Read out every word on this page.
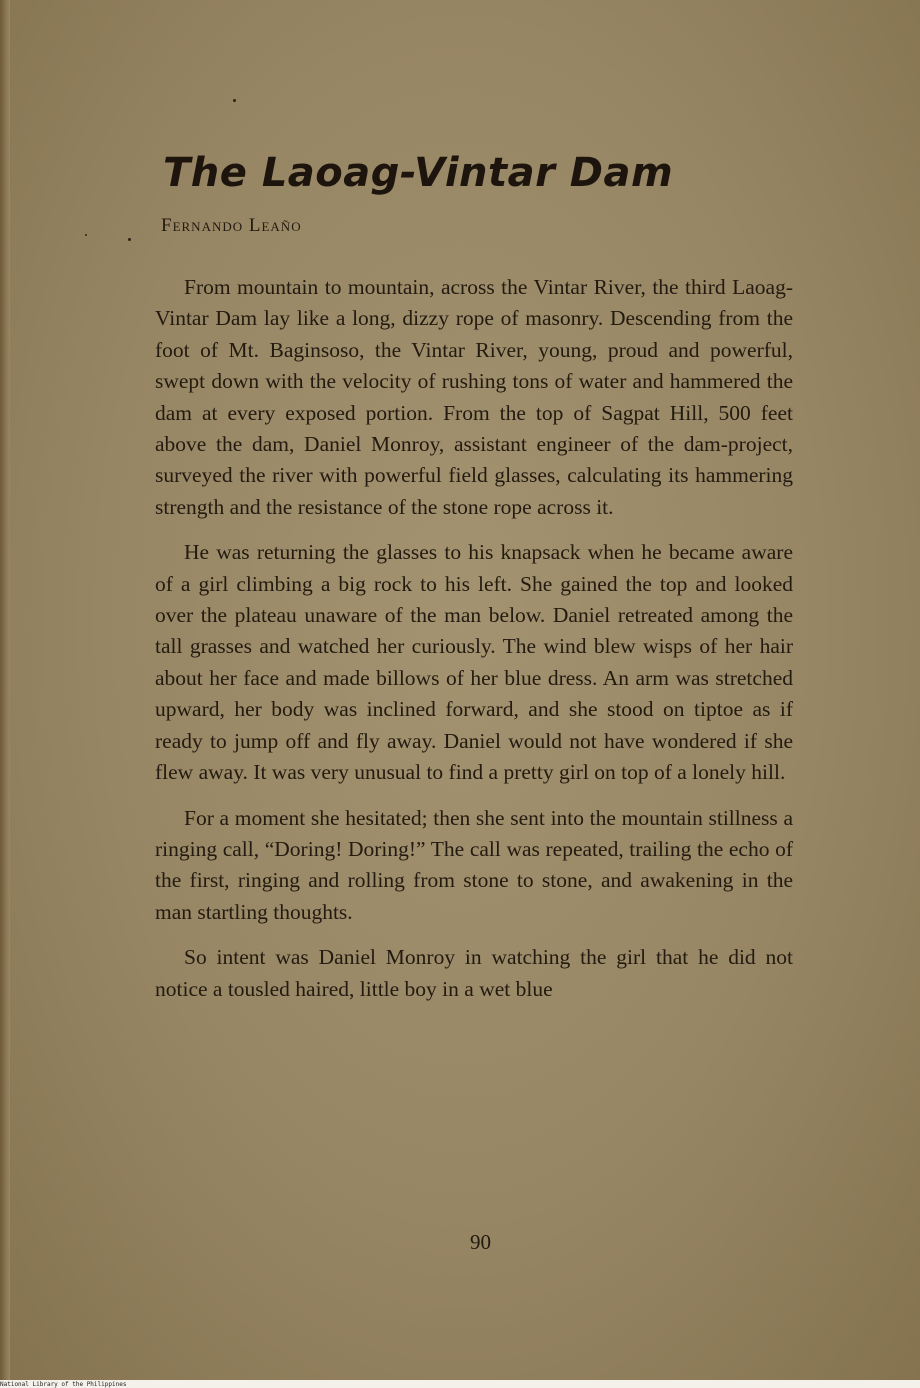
The Laoag-Vintar Dam
Fernando Leaño

From mountain to mountain, across the Vintar River, the third Laoag-Vintar Dam lay like a long, dizzy rope of masonry. Descending from the foot of Mt. Baginsoso, the Vintar River, young, proud and powerful, swept down with the velocity of rushing tons of water and hammered the dam at every exposed portion. From the top of Sagpat Hill, 500 feet above the dam, Daniel Monroy, assistant engineer of the dam-project, surveyed the river with powerful field glasses, calculating its hammering strength and the resistance of the stone rope across it.

He was returning the glasses to his knapsack when he became aware of a girl climbing a big rock to his left. She gained the top and looked over the plateau unaware of the man below. Daniel retreated among the tall grasses and watched her curiously. The wind blew wisps of her hair about her face and made billows of her blue dress. An arm was stretched upward, her body was inclined forward, and she stood on tiptoe as if ready to jump off and fly away. Daniel would not have wondered if she flew away. It was very unusual to find a pretty girl on top of a lonely hill.

For a moment she hesitated; then she sent into the mountain stillness a ringing call, “Doring! Doring!” The call was repeated, trailing the echo of the first, ringing and rolling from stone to stone, and awakening in the man startling thoughts.

So intent was Daniel Monroy in watching the girl that he did not notice a tousled haired, little boy in a wet blue

90
National Library of the Philippines
